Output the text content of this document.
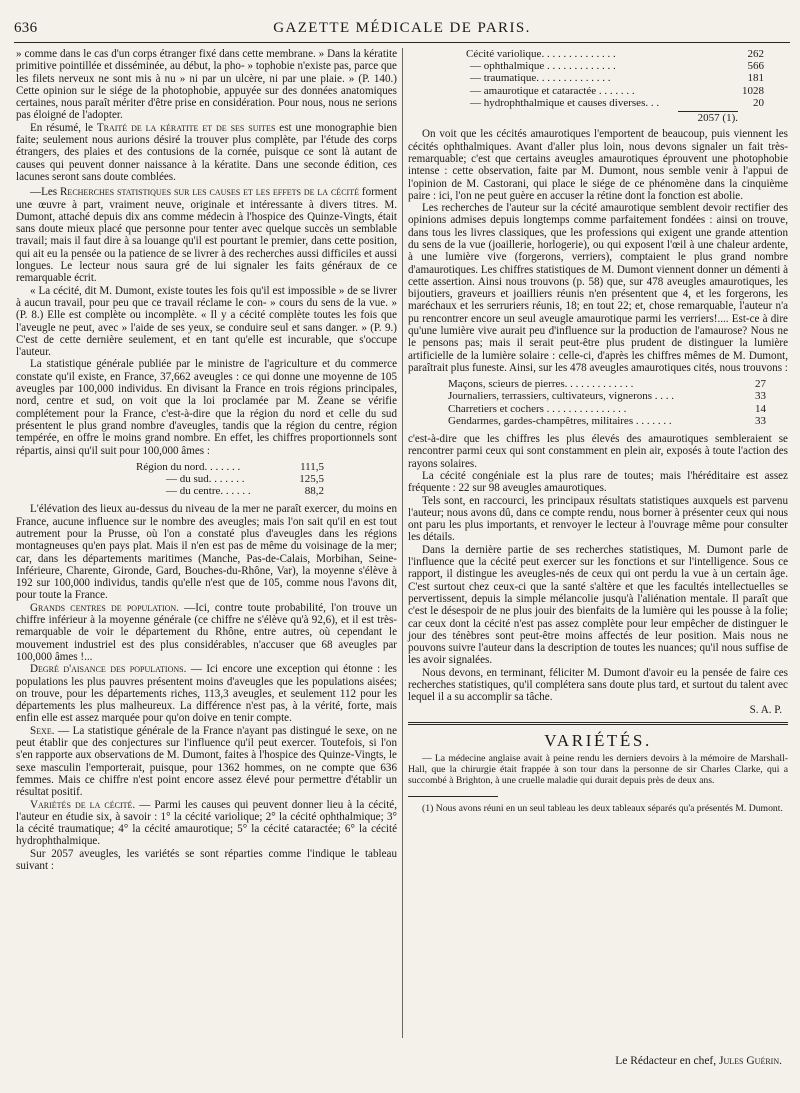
636	GAZETTE MÉDICALE DE PARIS.

» comme dans le cas d'un corps étranger fixé dans cette membrane. » Dans la kératite primitive pointillée et disséminée, au début, la pho- » tophobie n'existe pas, parce que les filets nerveux ne sont mis à nu » ni par un ulcère, ni par une plaie. » (P. 140.) Cette opinion sur le siége de la photophobie, appuyée sur des données anatomiques certaines, nous paraît mériter d'être prise en considération. Pour nous, nous ne serions pas éloigné de l'adopter.

En résumé, le Traité de la kératite et de ses suites est une monographie bien faite; seulement nous aurions désiré la trouver plus complète, par l'étude des corps étrangers, des plaies et des contusions de la cornée, puisque ce sont là autant de causes qui peuvent donner naissance à la kératite. Dans une seconde édition, ces lacunes seront sans doute comblées.

—Les Recherches statistiques sur les causes et les effets de la cécité forment une œuvre à part, vraiment neuve, originale et intéressante à divers titres. M. Dumont, attaché depuis dix ans comme médecin à l'hospice des Quinze-Vingts, était sans doute mieux placé que personne pour tenter avec quelque succès un semblable travail; mais il faut dire à sa louange qu'il est pourtant le premier, dans cette position, qui ait eu la pensée ou la patience de se livrer à des recherches aussi difficiles et aussi longues. Le lecteur nous saura gré de lui signaler les faits généraux de ce remarquable écrit.

« La cécité, dit M. Dumont, existe toutes les fois qu'il est impossible » de se livrer à aucun travail, pour peu que ce travail réclame le con- » cours du sens de la vue. » (P. 8.) Elle est complète ou incomplète. « Il y a cécité complète toutes les fois que l'aveugle ne peut, avec » l'aide de ses yeux, se conduire seul et sans danger. » (P. 9.) C'est de cette dernière seulement, et en tant qu'elle est incurable, que s'occupe l'auteur.

La statistique générale publiée par le ministre de l'agriculture et du commerce constate qu'il existe, en France, 37,662 aveugles : ce qui donne une moyenne de 105 aveugles par 100,000 individus. En divisant la France en trois régions principales, nord, centre et sud, on voit que la loi proclamée par M. Zeane se vérifie complétement pour la France, c'est-à-dire que la région du nord et celle du sud présentent le plus grand nombre d'aveugles, tandis que la région du centre, région tempérée, en offre le moins grand nombre. En effet, les chiffres proportionnels sont répartis, ainsi qu'il suit pour 100,000 âmes :

Région du nord. . . . . . .	111,5
— du sud. . . . . . .	125,5
— du centre. . . . . .	88,2

L'élévation des lieux au-dessus du niveau de la mer ne paraît exercer, du moins en France, aucune influence sur le nombre des aveugles; mais l'on sait qu'il en est tout autrement pour la Prusse, où l'on a constaté plus d'aveugles dans les régions montagneuses qu'en pays plat. Mais il n'en est pas de même du voisinage de la mer; car, dans les départements maritimes (Manche, Pas-de-Calais, Morbihan, Seine-Inférieure, Charente, Gironde, Gard, Bouches-du-Rhône, Var), la moyenne s'élève à 192 sur 100,000 individus, tandis qu'elle n'est que de 105, comme nous l'avons dit, pour toute la France.

Grands centres de population. —Ici, contre toute probabilité, l'on trouve un chiffre inférieur à la moyenne générale (ce chiffre ne s'élève qu'à 92,6), et il est très-remarquable de voir le département du Rhône, entre autres, où cependant le mouvement industriel est des plus considérables, n'accuser que 68 aveugles par 100,000 âmes !...

Degré d'aisance des populations. — Ici encore une exception qui étonne : les populations les plus pauvres présentent moins d'aveugles que les populations aisées; on trouve, pour les départements riches, 113,3 aveugles, et seulement 112 pour les départements les plus malheureux. La différence n'est pas, à la vérité, forte, mais enfin elle est assez marquée pour qu'on doive en tenir compte.

Sexe. — La statistique générale de la France n'ayant pas distingué le sexe, on ne peut établir que des conjectures sur l'influence qu'il peut exercer. Toutefois, si l'on s'en rapporte aux observations de M. Dumont, faites à l'hospice des Quinze-Vingts, le sexe masculin l'emporterait, puisque, pour 1362 hommes, on ne compte que 636 femmes. Mais ce chiffre n'est point encore assez élevé pour permettre d'établir un résultat positif.

Variétés de la cécité. — Parmi les causes qui peuvent donner lieu à la cécité, l'auteur en étudie six, à savoir : 1° la cécité variolique; 2° la cécité ophthalmique; 3° la cécité traumatique; 4° la cécité amaurotique; 5° la cécité cataractée; 6° la cécité hydrophthalmique.

Sur 2057 aveugles, les variétés se sont réparties comme l'indique le tableau suivant :

Cécité variolique. . . . . . . . . . . . . .	262
— ophthalmique . . . . . . . . . . . . .	566
— traumatique. . . . . . . . . . . . . .	181
— amaurotique et cataractée . . . . . . .	1028
— hydrophthalmique et causes diverses. . .	20
2057 (1).

On voit que les cécités amaurotiques l'emportent de beaucoup, puis viennent les cécités ophthalmiques. Avant d'aller plus loin, nous devons signaler un fait très-remarquable; c'est que certains aveugles amaurotiques éprouvent une photophobie intense : cette observation, faite par M. Dumont, nous semble venir à l'appui de l'opinion de M. Castorani, qui place le siége de ce phénomène dans la cinquième paire : ici, l'on ne peut guère en accuser la rétine dont la fonction est abolie.

Les recherches de l'auteur sur la cécité amaurotique semblent devoir rectifier des opinions admises depuis longtemps comme parfaitement fondées : ainsi on trouve, dans tous les livres classiques, que les professions qui exigent une grande attention du sens de la vue (joaillerie, horlogerie), ou qui exposent l'œil à une chaleur ardente, à une lumière vive (forgerons, verriers), comptaient le plus grand nombre d'amaurotiques. Les chiffres statistiques de M. Dumont viennent donner un démenti à cette assertion. Ainsi nous trouvons (p. 58) que, sur 478 aveugles amaurotiques, les bijoutiers, graveurs et joailliers réunis n'en présentent que 4, et les forgerons, les maréchaux et les serruriers réunis, 18; en tout 22; et, chose remarquable, l'auteur n'a pu rencontrer encore un seul aveugle amaurotique parmi les verriers!.... Est-ce à dire qu'une lumière vive aurait peu d'influence sur la production de l'amaurose? Nous ne le pensons pas; mais il serait peut-être plus prudent de distinguer la lumière artificielle de la lumière solaire : celle-ci, d'après les chiffres mêmes de M. Dumont, paraîtrait plus funeste. Ainsi, sur les 478 aveugles amaurotiques cités, nous trouvons :

Maçons, scieurs de pierres. . . . . . . . . . . . .	27
Journaliers, terrassiers, cultivateurs, vignerons . . . .	33
Charretiers et cochers . . . . . . . . . . . . . . .	14
Gendarmes, gardes-champêtres, militaires . . . . . . .	33

c'est-à-dire que les chiffres les plus élevés des amaurotiques sembleraient se rencontrer parmi ceux qui sont constamment en plein air, exposés à toute l'action des rayons solaires.

La cécité congéniale est la plus rare de toutes; mais l'héréditaire est assez fréquente : 22 sur 98 aveugles amaurotiques.

Tels sont, en raccourci, les principaux résultats statistiques auxquels est parvenu l'auteur; nous avons dû, dans ce compte rendu, nous borner à présenter ceux qui nous ont paru les plus importants, et renvoyer le lecteur à l'ouvrage même pour consulter les détails.

Dans la dernière partie de ses recherches statistiques, M. Dumont parle de l'influence que la cécité peut exercer sur les fonctions et sur l'intelligence. Sous ce rapport, il distingue les aveugles-nés de ceux qui ont perdu la vue à un certain âge. C'est surtout chez ceux-ci que la santé s'altère et que les facultés intellectuelles se pervertissent, depuis la simple mélancolie jusqu'à l'aliénation mentale. Il paraît que c'est le désespoir de ne plus jouir des bienfaits de la lumière qui les pousse à la folie; car ceux dont la cécité n'est pas assez complète pour leur empêcher de distinguer le jour des ténèbres sont peut-être moins affectés de leur position. Mais nous ne pouvons suivre l'auteur dans la description de toutes les nuances; qu'il nous suffise de les avoir signalées.

Nous devons, en terminant, féliciter M. Dumont d'avoir eu la pensée de faire ces recherches statistiques, qu'il complétera sans doute plus tard, et surtout du talent avec lequel il a su accomplir sa tâche.

S. A. P.
VARIÉTÉS.

— La médecine anglaise avait à peine rendu les derniers devoirs à la mémoire de Marshall-Hall, que la chirurgie était frappée à son tour dans la personne de sir Charles Clarke, qui a succombé à Brighton, à une cruelle maladie qui durait depuis près de deux ans.

(1) Nous avons réuni en un seul tableau les deux tableaux séparés qu'a présentés M. Dumont.

Le Rédacteur en chef, Jules Guérin.
